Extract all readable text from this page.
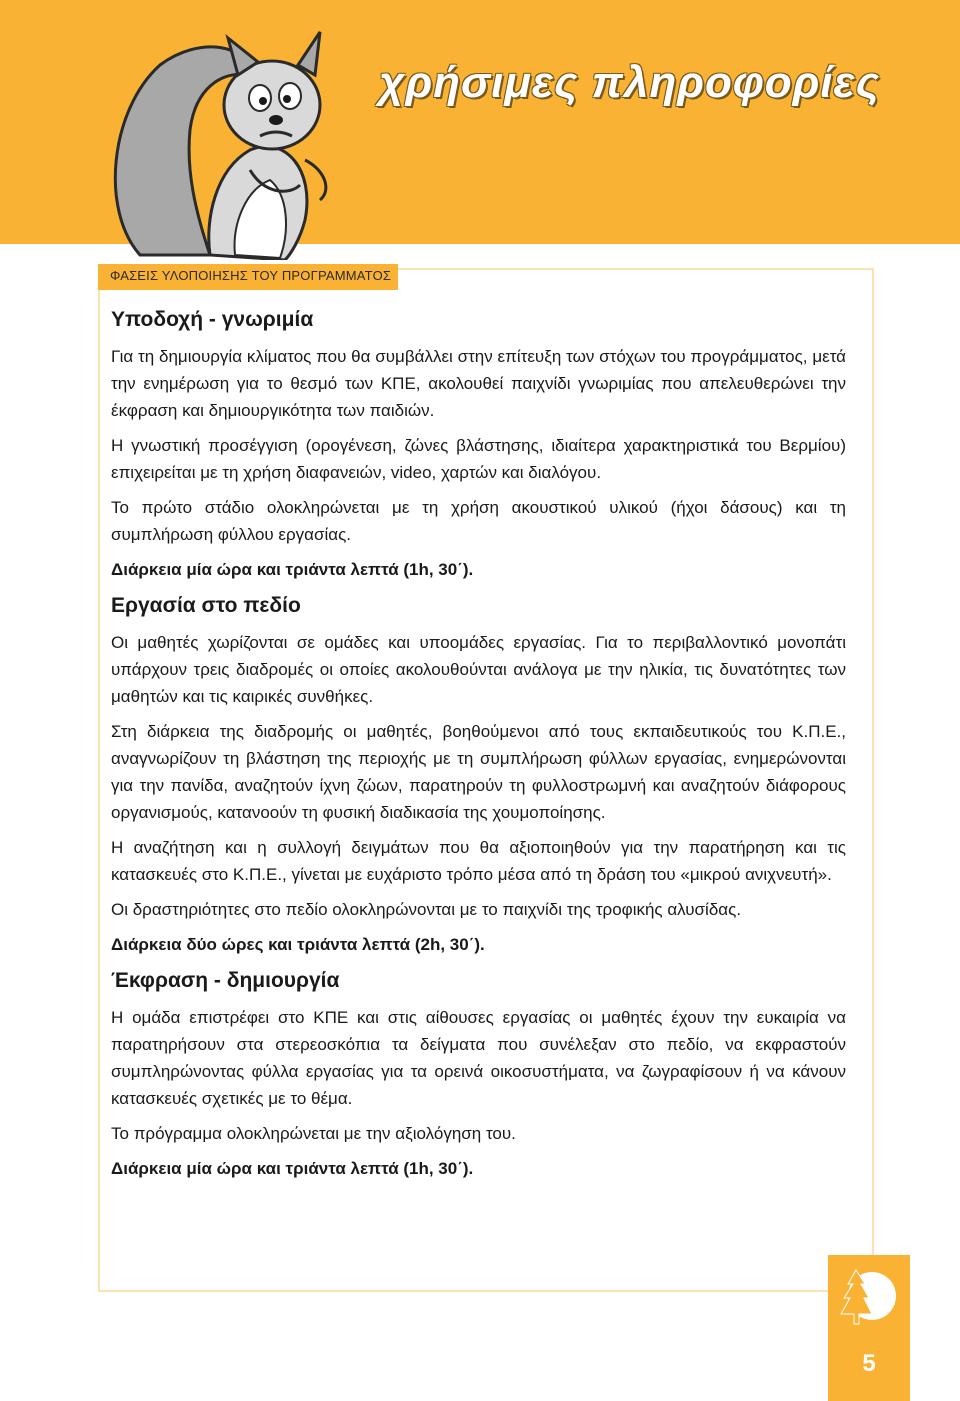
χρήσιμες πληροφορίες
ΦΑΣΕΙΣ ΥΛΟΠΟΙΗΣΗΣ ΤΟΥ ΠΡΟΓΡΑΜΜΑΤΟΣ
Υποδοχή - γνωριμία

Για τη δημιουργία κλίματος που θα συμβάλλει στην επίτευξη των στόχων του προγράμματος, μετά την ενημέρωση για το θεσμό των ΚΠΕ, ακολουθεί παιχνίδι γνωριμίας που απελευθερώνει την έκφραση και δημιουργικότητα των παιδιών.

Η γνωστική προσέγγιση (ορογένεση, ζώνες βλάστησης, ιδιαίτερα χαρακτηριστικά του Βερμίου) επιχειρείται με τη χρήση διαφανειών, video, χαρτών και διαλόγου.

Το πρώτο στάδιο ολοκληρώνεται με τη χρήση ακουστικού υλικού (ήχοι δάσους) και τη συμπλήρωση φύλλου εργασίας.

Διάρκεια μία ώρα και τριάντα λεπτά (1h, 30΄).

Εργασία στο πεδίο

Οι μαθητές χωρίζονται σε ομάδες και υποομάδες εργασίας. Για το περιβαλλοντικό μονοπάτι υπάρχουν τρεις διαδρομές οι οποίες ακολουθούνται ανάλογα με την ηλικία, τις δυνατότητες των μαθητών και τις καιρικές συνθήκες.

Στη διάρκεια της διαδρομής οι μαθητές, βοηθούμενοι από τους εκπαιδευτικούς του Κ.Π.Ε., αναγνωρίζουν τη βλάστηση της περιοχής με τη συμπλήρωση φύλλων εργασίας, ενημερώνονται για την πανίδα, αναζητούν ίχνη ζώων, παρατηρούν τη φυλλοστρωμνή και αναζητούν διάφορους οργανισμούς, κατανοούν τη φυσική διαδικασία της χουμοποίησης.

Η αναζήτηση και η συλλογή δειγμάτων που θα αξιοποιηθούν για την παρατήρηση και τις κατασκευές στο Κ.Π.Ε., γίνεται με ευχάριστο τρόπο μέσα από τη δράση του «μικρού ανιχνευτή».

Οι δραστηριότητες στο πεδίο ολοκληρώνονται με το παιχνίδι της τροφικής αλυσίδας.

Διάρκεια δύο ώρες και τριάντα λεπτά (2h, 30΄).

Έκφραση - δημιουργία

Η ομάδα επιστρέφει στο ΚΠΕ και στις αίθουσες εργασίας οι μαθητές έχουν την ευκαιρία να παρατηρήσουν στα στερεοσκόπια τα δείγματα που συνέλεξαν στο πεδίο, να εκφραστούν συμπληρώνοντας φύλλα εργασίας για τα ορεινά οικοσυστήματα, να ζωγραφίσουν ή να κάνουν κατασκευές σχετικές με το θέμα.

Το πρόγραμμα ολοκληρώνεται με την αξιολόγηση του.

Διάρκεια μία ώρα και τριάντα λεπτά (1h, 30΄).

5
